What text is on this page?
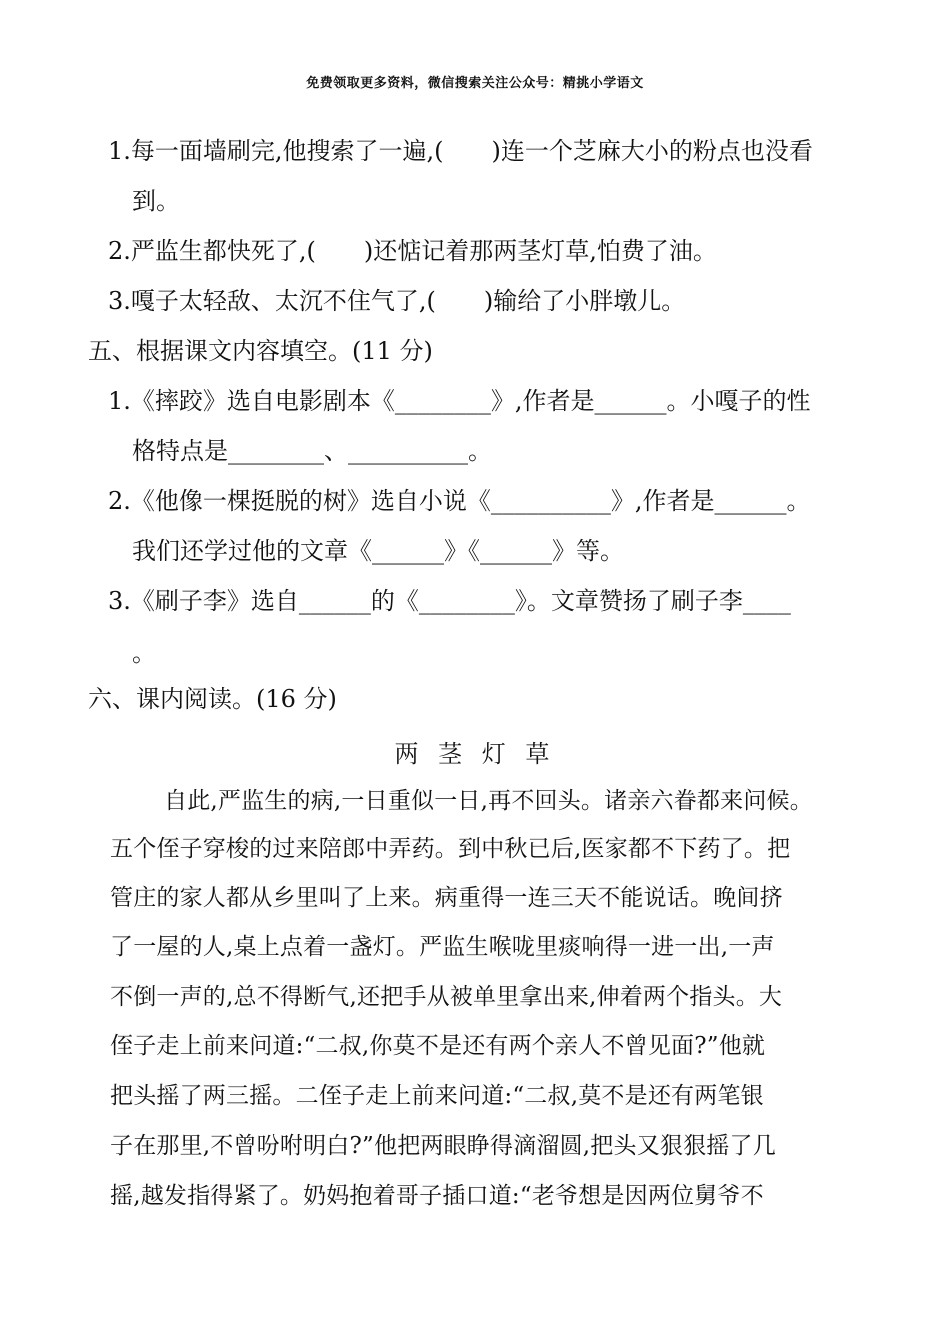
免费领取更多资料，微信搜索关注公众号：精挑小学语文
1.每一面墙刷完,他搜索了一遍,(　　)连一个芝麻大小的粉点也没看
到。
2.严监生都快死了,(　　)还惦记着那两茎灯草,怕费了油。
3.嘎子太轻敌、太沉不住气了,(　　)输给了小胖墩儿。
五、根据课文内容填空。(11 分)
1.《摔跤》选自电影剧本《________》,作者是______。小嘎子的性
格特点是________、__________。
2.《他像一棵挺脱的树》选自小说《__________》,作者是______。
我们还学过他的文章《______》《______》等。
3.《刷子李》选自______的《________》。文章赞扬了刷子李____
。
六、课内阅读。(16 分)
两 茎 灯 草
自此,严监生的病,一日重似一日,再不回头。诸亲六眷都来问候。
五个侄子穿梭的过来陪郎中弄药。到中秋已后,医家都不下药了。把
管庄的家人都从乡里叫了上来。病重得一连三天不能说话。晚间挤
了一屋的人,桌上点着一盏灯。严监生喉咙里痰响得一进一出,一声
不倒一声的,总不得断气,还把手从被单里拿出来,伸着两个指头。大
侄子走上前来问道:“二叔,你莫不是还有两个亲人不曾见面?”他就
把头摇了两三摇。二侄子走上前来问道:“二叔,莫不是还有两笔银
子在那里,不曾吩咐明白?”他把两眼睁得滴溜圆,把头又狠狠摇了几
摇,越发指得紧了。奶妈抱着哥子插口道:“老爷想是因两位舅爷不
